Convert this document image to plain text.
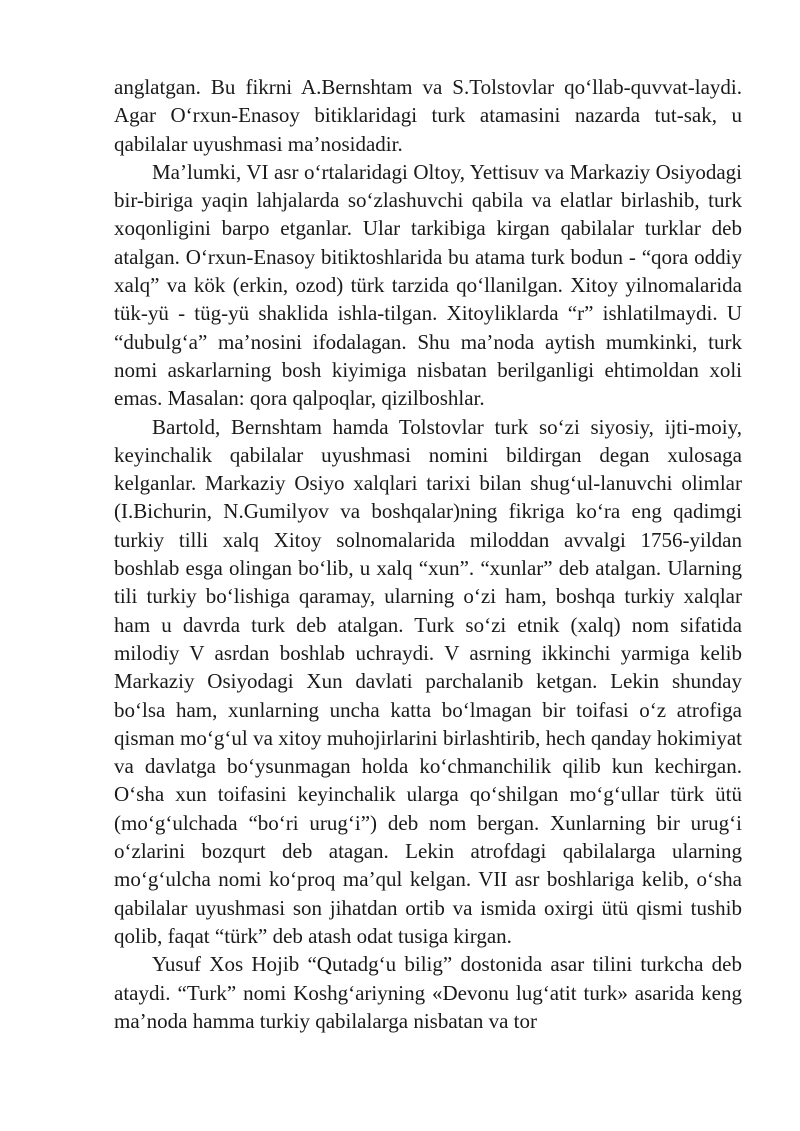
anglatgan. Bu fikrni A.Bernshtam va S.Tolstovlar qo‘llab-quvvat-laydi. Agar O‘rxun-Enasoy bitiklaridagi turk atamasini nazarda tut-sak, u qabilalar uyushmasi ma’nosidadir.

Ma’lumki, VI asr o‘rtalaridagi Oltoy, Yettisuv va Markaziy Osiyodagi bir-biriga yaqin lahjalarda so‘zlashuvchi qabila va elatlar birlashib, turk xoqonligini barpo etganlar. Ular tarkibiga kirgan qabilalar turklar deb atalgan. O‘rxun-Enasoy bitiktoshlarida bu atama turk bodun - “qora oddiy xalq” va kök (erkin, ozod) türk tarzida qo‘llanilgan. Xitoy yilnomalarida tük-yü - tüg-yü shaklida ishla-tilgan. Xitoyliklarda “r” ishlatilmaydi. U “dubulg‘a” ma’nosini ifodalagan. Shu ma’noda aytish mumkinki, turk nomi askarlarning bosh kiyimiga nisbatan berilganligi ehtimoldan xoli emas. Masalan: qora qalpoqlar, qizilboshlar.

Bartold, Bernshtam hamda Tolstovlar turk so‘zi siyosiy, ijti-moiy, keyinchalik qabilalar uyushmasi nomini bildirgan degan xulosaga kelganlar. Markaziy Osiyo xalqlari tarixi bilan shug‘ul-lanuvchi olimlar (I.Bichurin, N.Gumilyov va boshqalar)ning fikriga ko‘ra eng qadimgi turkiy tilli xalq Xitoy solnomalarida miloddan avvalgi 1756-yildan boshlab esga olingan bo‘lib, u xalq “xun”. “xunlar” deb atalgan. Ularning tili turkiy bo‘lishiga qaramay, ularning o‘zi ham, boshqa turkiy xalqlar ham u davrda turk deb atalgan. Turk so‘zi etnik (xalq) nom sifatida milodiy V asrdan boshlab uchraydi. V asrning ikkinchi yarmiga kelib Markaziy Osiyodagi Xun davlati parchalanib ketgan. Lekin shunday bo‘lsa ham, xunlarning uncha katta bo‘lmagan bir toifasi o‘z atrofiga qisman mo‘g‘ul va xitoy muhojirlarini birlashtirib, hech qanday hokimiyat va davlatga bo‘ysunmagan holda ko‘chmanchilik qilib kun kechirgan. O‘sha xun toifasini keyinchalik ularga qo‘shilgan mo‘g‘ullar türk ütü (mo‘g‘ulchada “bo‘ri urug‘i”) deb nom bergan. Xunlarning bir urug‘i o‘zlarini bozqurt deb atagan. Lekin atrofdagi qabilalarga ularning mo‘g‘ulcha nomi ko‘proq ma’qul kelgan. VII asr boshlariga kelib, o‘sha qabilalar uyushmasi son jihatdan ortib va ismida oxirgi ütü qismi tushib qolib, faqat “türk” deb atash odat tusiga kirgan.

Yusuf Xos Hojib “Qutadg‘u bilig” dostonida asar tilini turkcha deb ataydi. “Turk” nomi Koshg‘ariyning «Devonu lug‘atit turk» asarida keng ma’noda hamma turkiy qabilalarga nisbatan va tor
